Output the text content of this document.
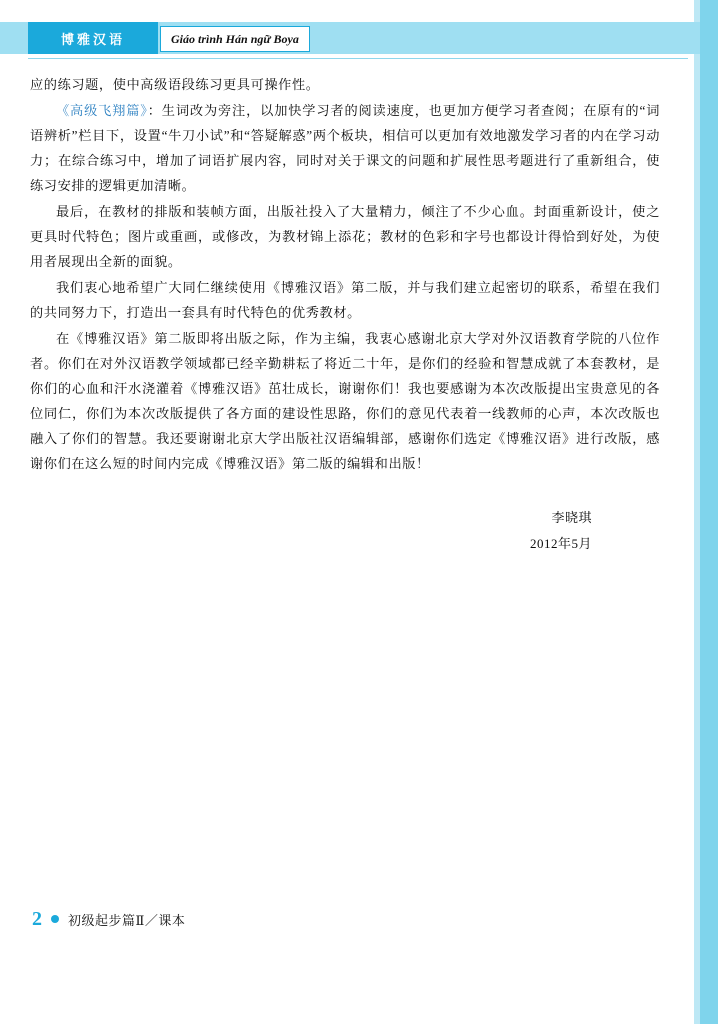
博雅汉语	Giáo trình Hán ngữ Boya

应的练习题，使中高级语段练习更具可操作性。

《高级飞翔篇》：生词改为旁注，以加快学习者的阅读速度，也更加方便学习者查阅；在原有的“词语辨析”栏目下，设置“牛刀小试”和“答疑解惑”两个板块，相信可以更加有效地激发学习者的内在学习动力；在综合练习中，增加了词语扩展内容，同时对关于课文的问题和扩展性思考题进行了重新组合，使练习安排的逻辑更加清晰。

最后，在教材的排版和装帧方面，出版社投入了大量精力，倾注了不少心血。封面重新设计，使之更具时代特色；图片或重画，或修改，为教材锦上添花；教材的色彩和字号也都设计得恰到好处，为使用者展现出全新的面貌。

我们衷心地希望广大同仁继续使用《博雅汉语》第二版，并与我们建立起密切的联系，希望在我们的共同努力下，打造出一套具有时代特色的优秀教材。

在《博雅汉语》第二版即将出版之际，作为主编，我衷心感谢北京大学对外汉语教育学院的八位作者。你们在对外汉语教学领域都已经辛勤耕耘了将近二十年，是你们的经验和智慧成就了本套教材，是你们的心血和汗水浇灌着《博雅汉语》茁壮成长，谢谢你们！我也要感谢为本次改版提出宝贵意见的各位同仁，你们为本次改版提供了各方面的建设性思路，你们的意见代表着一线教师的心声，本次改版也融入了你们的智慧。我还要谢谢北京大学出版社汉语编辑部，感谢你们选定《博雅汉语》进行改版，感谢你们在这么短的时间内完成《博雅汉语》第二版的编辑和出版！

李晓琪
2012年5月
2 初级起步篇Ⅱ／课本
